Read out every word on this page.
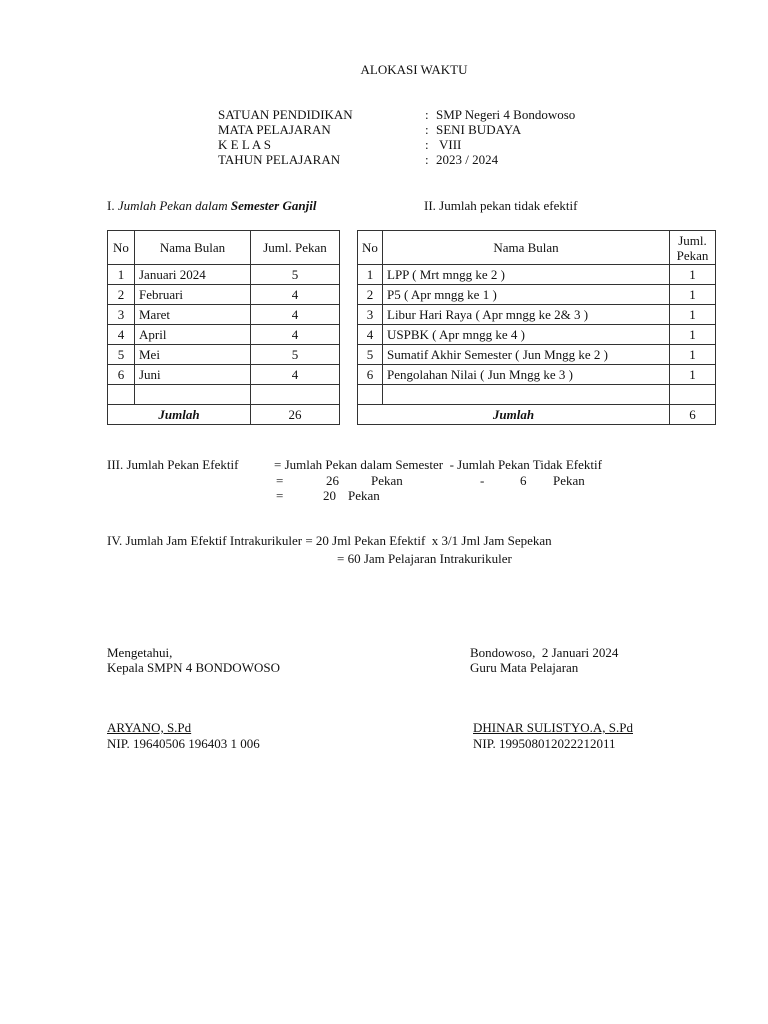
ALOKASI WAKTU
SATUAN PENDIDIKAN	: SMP Negeri 4 Bondowoso
MATA PELAJARAN	: SENI BUDAYA
K E L A S	: VIII
TAHUN PELAJARAN	: 2023 / 2024
I. Jumlah Pekan dalam Semester Ganjil	II. Jumlah pekan tidak efektif
No	Nama Bulan	Juml. Pekan
1	Januari 2024	5
2	Februari	4
3	Maret	4
4	April	4
5	Mei	5
6	Juni	4

Jumlah		26
No	Nama Bulan	Juml.
Pekan
1	LPP ( Mrt mngg ke 2 )	1
2	P5 ( Apr mngg ke 1 )	1
3	Libur Hari Raya ( Apr mngg ke 2& 3 )	1
4	USPBK ( Apr mngg ke 4 )	1
5	Sumatif Akhir Semester ( Jun Mngg ke 2 )	1
6	Pengolahan Nilai ( Jun Mngg ke 3 )	1

Jumlah		6
III. Jumlah Pekan Efektif	= Jumlah Pekan dalam Semester  - Jumlah Pekan Tidak Efektif
=	26 Pekan	-	6 Pekan
=	20 Pekan
IV. Jumlah Jam Efektif Intrakurikuler = 20 Jml Pekan Efektif  x 3/1 Jml Jam Sepekan
= 60 Jam Pelajaran Intrakurikuler
Mengetahui,
Kepala SMPN 4 BONDOWOSO
Bondowoso,  2 Januari 2024
Guru Mata Pelajaran
ARYANO, S.Pd
NIP. 19640506 196403 1 006
DHINAR SULISTYO.A, S.Pd
NIP. 199508012022212011
